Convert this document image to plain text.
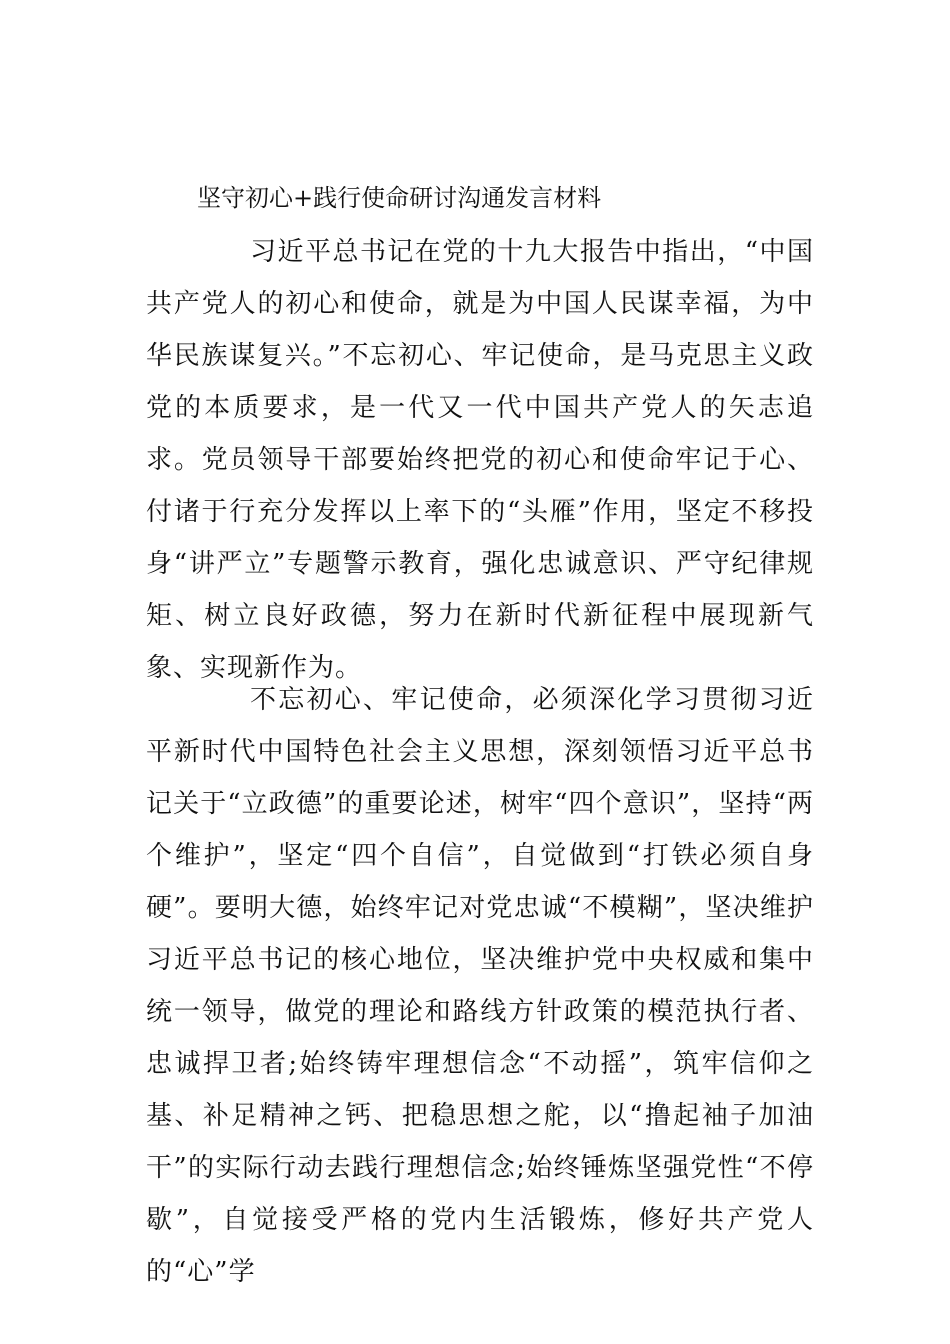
坚守初心+践行使命研讨沟通发言材料

习近平总书记在党的十九大报告中指出，“中国共产党人的初心和使命，就是为中国人民谋幸福，为中华民族谋复兴。”不忘初心、牢记使命，是马克思主义政党的本质要求，是一代又一代中国共产党人的矢志追求。党员领导干部要始终把党的初心和使命牢记于心、付诸于行充分发挥以上率下的“头雁”作用，坚定不移投身“讲严立”专题警示教育，强化忠诚意识、严守纪律规矩、树立良好政德，努力在新时代新征程中展现新气象、实现新作为。

不忘初心、牢记使命，必须深化学习贯彻习近平新时代中国特色社会主义思想，深刻领悟习近平总书记关于“立政德”的重要论述，树牢“四个意识”，坚持“两个维护”，坚定“四个自信”，自觉做到“打铁必须自身硬”。要明大德，始终牢记对党忠诚“不模糊”，坚决维护习近平总书记的核心地位，坚决维护党中央权威和集中统一领导，做党的理论和路线方针政策的模范执行者、忠诚捍卫者;始终铸牢理想信念“不动摇”，筑牢信仰之基、补足精神之钙、把稳思想之舵，以“撸起袖子加油干”的实际行动去践行理想信念;始终锤炼坚强党性“不停歇”，自觉接受严格的党内生活锻炼，修好共产党人的“心”学
